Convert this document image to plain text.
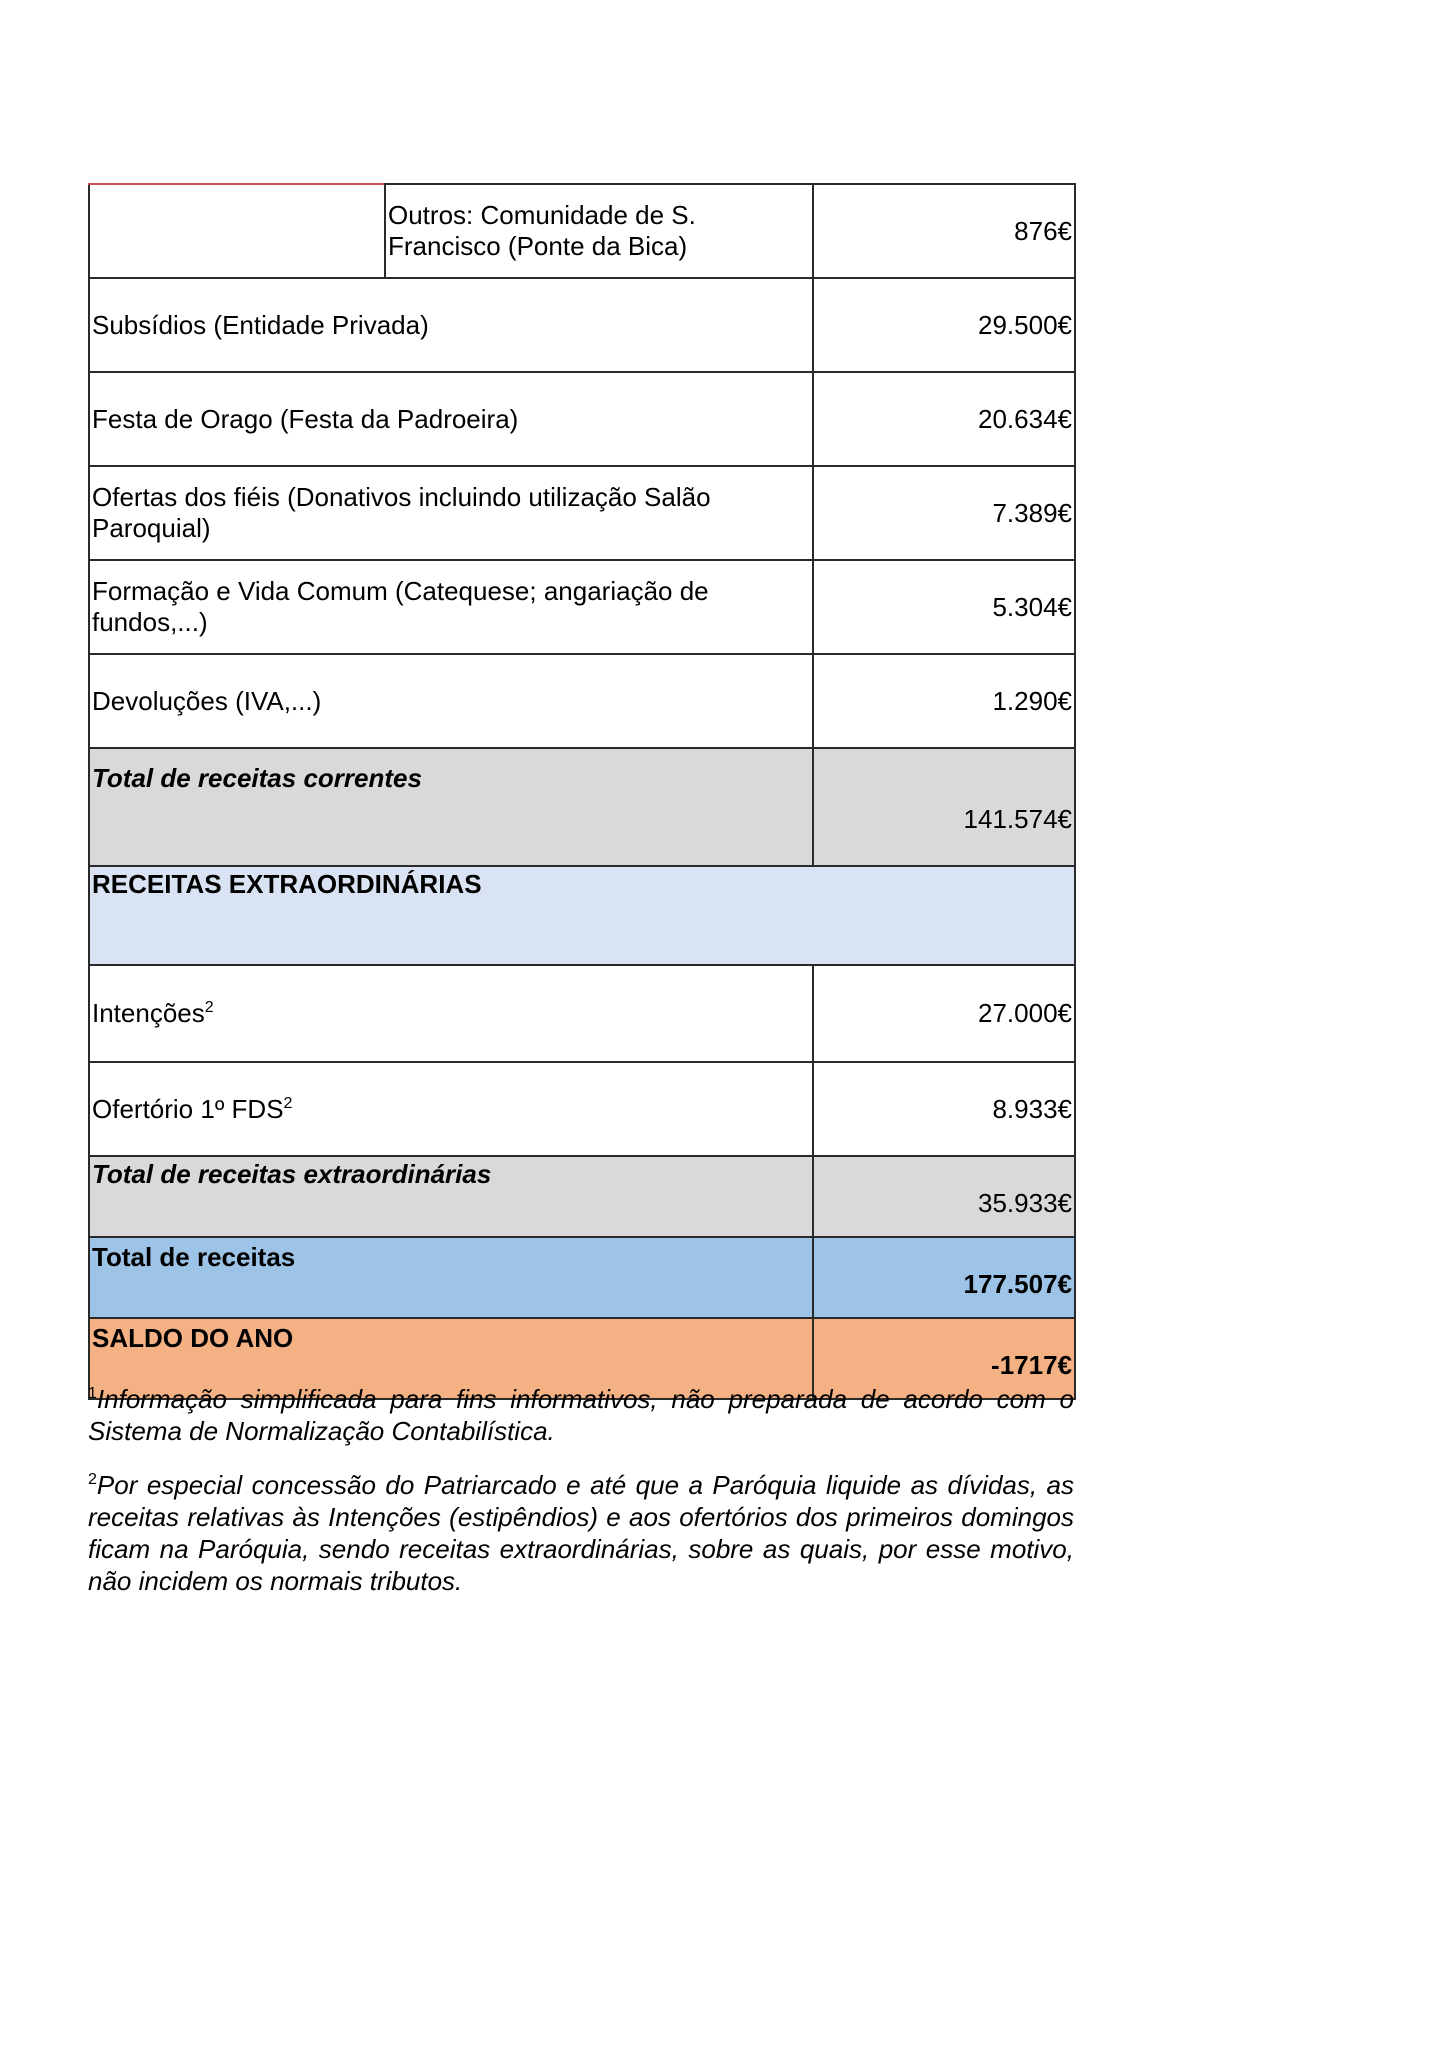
	Outros: Comunidade de S. Francisco (Ponte da Bica)	876€
Subsídios (Entidade Privada)		29.500€
Festa de Orago (Festa da Padroeira)		20.634€
Ofertas dos fiéis (Donativos incluindo utilização Salão Paroquial)		7.389€
Formação e Vida Comum (Catequese; angariação de fundos,...)		5.304€
Devoluções (IVA,...)		1.290€
Total de receitas correntes		141.574€
RECEITAS EXTRAORDINÁRIAS		
Intenções$^2$		27.000€
Ofertório 1º FDS$^2$		8.933€
Total de receitas extraordinárias		35.933€
Total de receitas		177.507€
SALDO DO ANO		-1717€

$^1$Informação simplificada para fins informativos, não preparada de acordo com o Sistema de Normalização Contabilística.

$^2$Por especial concessão do Patriarcado e até que a Paróquia liquide as dívidas, as receitas relativas às Intenções (estipêndios) e aos ofertórios dos primeiros domingos ficam na Paróquia, sendo receitas extraordinárias, sobre as quais, por esse motivo, não incidem os normais tributos.
